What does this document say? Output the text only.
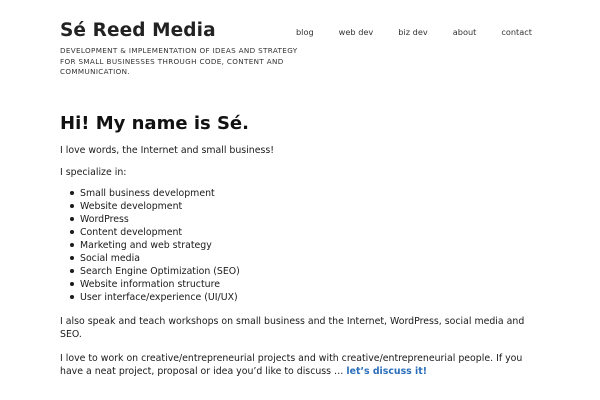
Sé Reed Media

DEVELOPMENT & IMPLEMENTATION OF IDEAS AND STRATEGY FOR SMALL BUSINESSES THROUGH CODE, CONTENT AND COMMUNICATION.

blog	web dev	biz dev	about	contact
Hi! My name is Sé.

I love words, the Internet and small business!

I specialize in:

Small business development
Website development
WordPress
Content development
Marketing and web strategy
Social media
Search Engine Optimization (SEO)
Website information structure
User interface/experience (UI/UX)

I also speak and teach workshops on small business and the Internet, WordPress, social media and SEO.

I love to work on creative/entrepreneurial projects and with creative/entrepreneurial people. If you have a neat project, proposal or idea you’d like to discuss … let’s discuss it!
